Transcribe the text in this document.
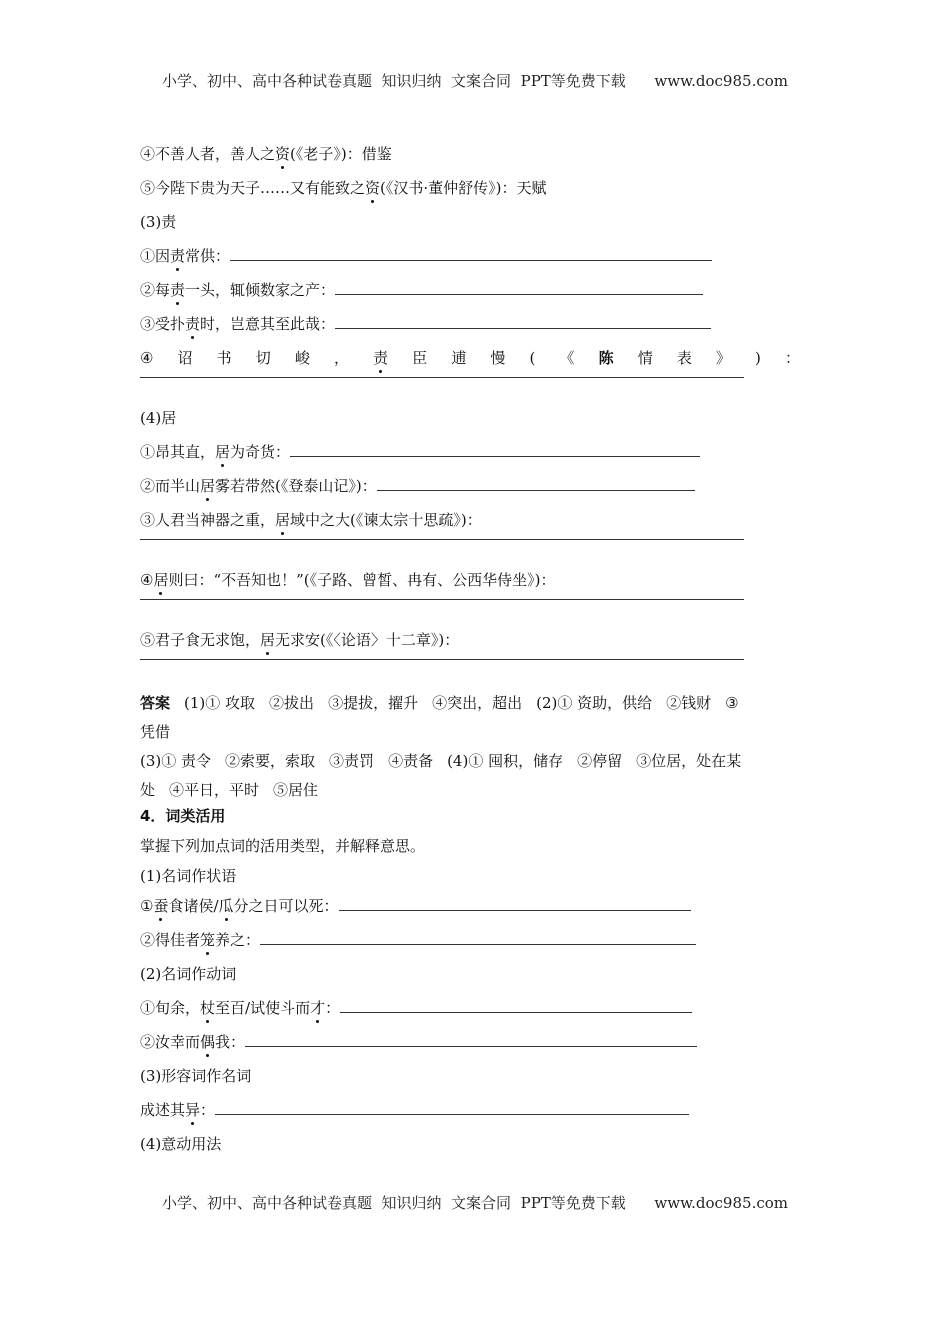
小学、初中、高中各种试卷真题  知识归纳  文案合同  PPT等免费下载      www.doc985.com
④不善人者，善人之资(《老子》)：借鉴
⑤今陛下贵为天子……又有能致之资(《汉书·董仲舒传》)：天赋
(3)责
①因责常供：
②每责一头，辄倾数家之产：
③受扑责时，岂意其至此哉：
④ 诏 书 切 峻 ， 责 臣 逋 慢 ( 《 陈 情 表 》 ) ：
(4)居
①昂其直，居为奇货：
②而半山居雾若带然(《登泰山记》)：
③人君当神器之重，居域中之大(《谏太宗十思疏》)：
④居则曰：“不吾知也！”(《子路、曾皙、冉有、公西华侍坐》)：
⑤君子食无求饱，居无求安(《〈论语〉十二章》)：
答案 (1)① 攻取 ②拔出 ③提拔，擢升 ④突出，超出 (2)① 资助，供给 ②钱财 ③
凭借
(3)① 责令 ②索要，索取 ③责罚 ④责备 (4)① 囤积，储存 ②停留 ③位居，处在某
处 ④平日，平时 ⑤居住
4．词类活用
掌握下列加点词的活用类型，并解释意思。
(1)名词作状语
①蚕食诸侯/瓜分之日可以死：
②得佳者笼养之：
(2)名词作动词
①旬余，杖至百/试使斗而才：
②汝幸而偶我：
(3)形容词作名词
成述其异：
(4)意动用法
小学、初中、高中各种试卷真题  知识归纳  文案合同  PPT等免费下载      www.doc985.com
